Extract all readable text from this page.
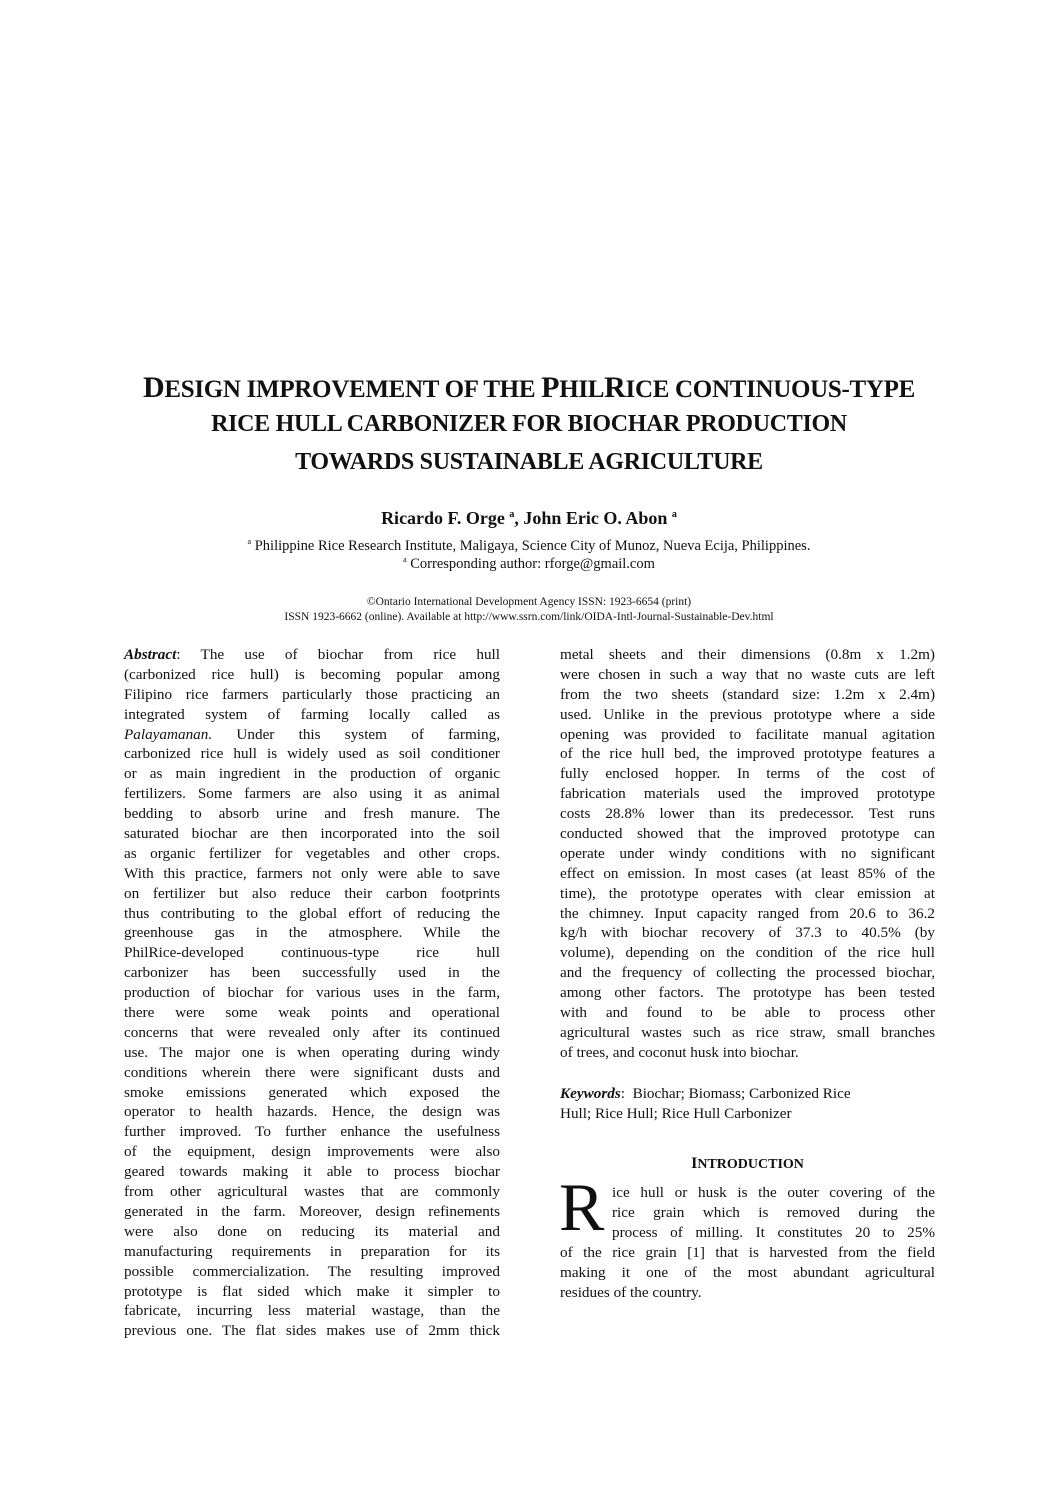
DESIGN IMPROVEMENT OF THE PHILRICE CONTINUOUS-TYPE
RICE HULL CARBONIZER FOR BIOCHAR PRODUCTION
TOWARDS SUSTAINABLE AGRICULTURE
Ricardo F. Orge $^a$, John Eric O. Abon $^a$
$^a$ Philippine Rice Research Institute, Maligaya, Science City of Munoz, Nueva Ecija, Philippines.
$^a$ Corresponding author: rforge@gmail.com
©Ontario International Development Agency ISSN: 1923-6654 (print)
ISSN 1923-6662 (online). Available at http://www.ssrn.com/link/OIDA-Intl-Journal-Sustainable-Dev.html
Abstract: The use of biochar from rice hull
(carbonized rice hull) is becoming popular among
Filipino rice farmers particularly those practicing an
integrated system of farming locally called as
Palayamanan. Under this system of farming,
carbonized rice hull is widely used as soil conditioner
or as main ingredient in the production of organic
fertilizers. Some farmers are also using it as animal
bedding to absorb urine and fresh manure. The
saturated biochar are then incorporated into the soil
as organic fertilizer for vegetables and other crops.
With this practice, farmers not only were able to save
on fertilizer but also reduce their carbon footprints
thus contributing to the global effort of reducing the
greenhouse gas in the atmosphere. While the
PhilRice-developed continuous-type rice hull
carbonizer has been successfully used in the
production of biochar for various uses in the farm,
there were some weak points and operational
concerns that were revealed only after its continued
use. The major one is when operating during windy
conditions wherein there were significant dusts and
smoke emissions generated which exposed the
operator to health hazards. Hence, the design was
further improved. To further enhance the usefulness
of the equipment, design improvements were also
geared towards making it able to process biochar
from other agricultural wastes that are commonly
generated in the farm. Moreover, design refinements
were also done on reducing its material and
manufacturing requirements in preparation for its
possible commercialization. The resulting improved
prototype is flat sided which make it simpler to
fabricate, incurring less material wastage, than the
previous one. The flat sides makes use of 2mm thick
metal sheets and their dimensions (0.8m x 1.2m)
were chosen in such a way that no waste cuts are left
from the two sheets (standard size: 1.2m x 2.4m)
used. Unlike in the previous prototype where a side
opening was provided to facilitate manual agitation
of the rice hull bed, the improved prototype features a
fully enclosed hopper. In terms of the cost of
fabrication materials used the improved prototype
costs 28.8% lower than its predecessor. Test runs
conducted showed that the improved prototype can
operate under windy conditions with no significant
effect on emission. In most cases (at least 85% of the
time), the prototype operates with clear emission at
the chimney. Input capacity ranged from 20.6 to 36.2
kg/h with biochar recovery of 37.3 to 40.5% (by
volume), depending on the condition of the rice hull
and the frequency of collecting the processed biochar,
among other factors. The prototype has been tested
with and found to be able to process other
agricultural wastes such as rice straw, small branches
of trees, and coconut husk into biochar.
Keywords:  Biochar; Biomass; Carbonized Rice
Hull; Rice Hull; Rice Hull Carbonizer
INTRODUCTION
R ice hull or husk is the outer covering of the
rice grain which is removed during the
process of milling. It constitutes 20 to 25%
of the rice grain [1] that is harvested from the field
making it one of the most abundant agricultural
residues of the country.
